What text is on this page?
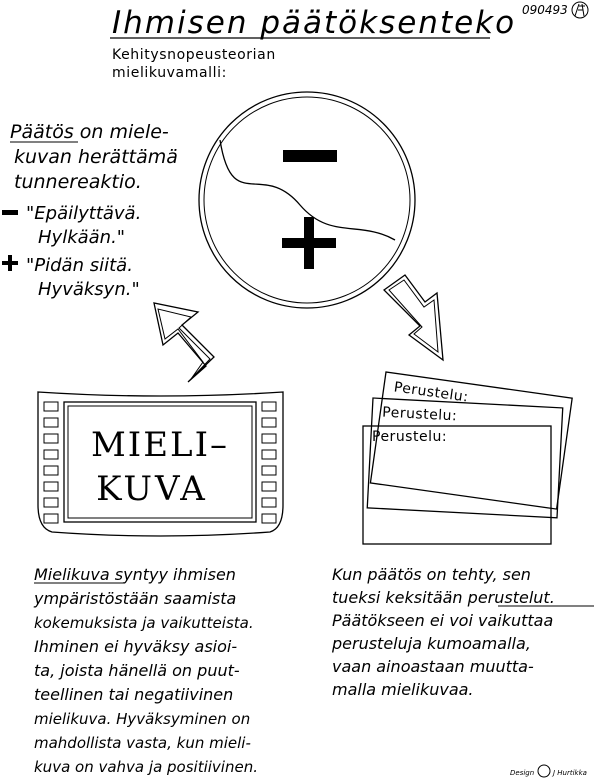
Ihmisen päätöksenteko 090493
Kehitysnopeusteorian
mielikuvamalli:
Päätös on miele-
kuvan herättämä
tunnereaktio.
"Epäilyttävä.
Hylkään."
"Pidän siitä.
Hyväksyn."
MIELI–
KUVA
Perustelu:
Perustelu:
Perustelu:
Mielikuva syntyy ihmisen
ympäristöstään saamista
kokemuksista ja vaikutteista.
Ihminen ei hyväksy asioi-
ta, joista hänellä on puut-
teellinen tai negatiivinen
mielikuva. Hyväksyminen on
mahdollista vasta, kun mieli-
kuva on vahva ja positiivinen.
Kun päätös on tehty, sen
tueksi keksitään perustelut.
Päätökseen ei voi vaikuttaa
perusteluja kumoamalla,
vaan ainoastaan muutta-
malla mielikuvaa.
Design	J Hurtikka
